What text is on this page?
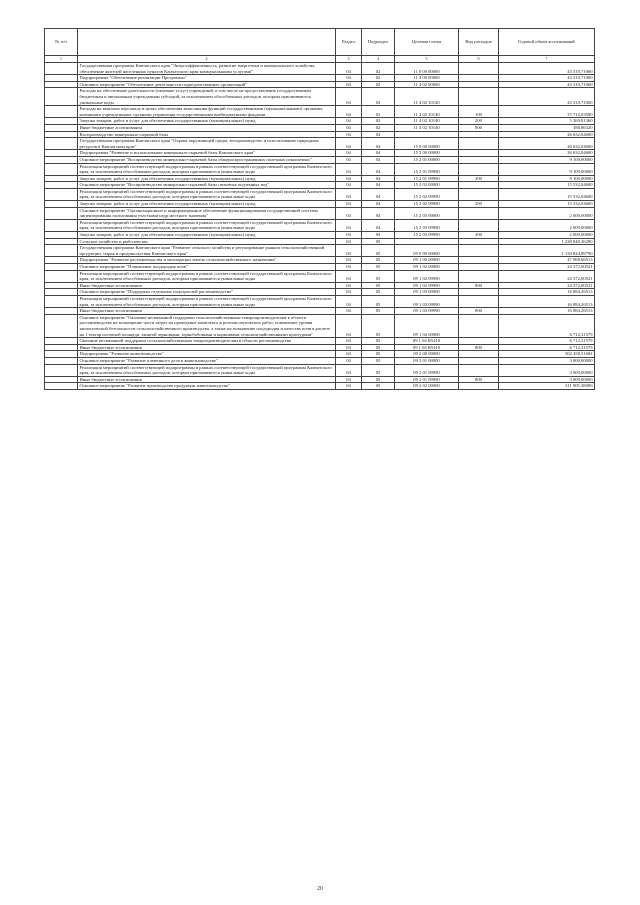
№ п/п		Раздел	Подраздел	Целевая статья	Вид расходов	Годовой объем ассигнований
1	2	3	4	5	6	7
	Государственная программа Камчатского края "Энергоэффективность, развитие энергетики и коммунального хозяйства, обеспечение жителей населенных пунктов Камчатского края коммунальными услугами"	04	02	11 0 00 00000		43 310,71060
	Подпрограмма "Обеспечение реализации Программы"	04	02	11 4 00 00000		43 310,71060
	Основное мероприятие "Обеспечение деятельности подведомственных организаций"	04	02	11 4 02 00000		43 310,71060
	Расходы на обеспечение деятельности (оказание услуг) учреждений, в том числе на предоставление государственным бюджетным и автономным учреждениям субсидий, за исключением обособленных расходов, которым присваиваются уникальные коды	04	02	11 4 02 10140		43 310,71060
	Расходы на выплаты персоналу в целях обеспечения выполнения функций государственными (муниципальными) органами, казенными учреждениями, органами управления государственными внебюджетными фондами	04	02	11 4 02 10140	100	37 712,03580
	Закупка товаров, работ и услуг для обеспечения государственных (муниципальных) нужд	04	02	11 4 02 10140	200	5 369,81360
	Иные бюджетные ассигнования	04	02	11 4 02 10140	800	188,86320
	Воспроизводство минерально-сырьевой базы	04	04			26 632,04600
	Государственная программа Камчатского края "Охрана окружающей среды, воспроизводство и использование природных ресурсов в Камчатском крае"	04	04	15 0 00 00000		26 632,04600
	Подпрограмма "Развитие и использование минерально-сырьевой базы Камчатского края"	04	04	15 2 00 00000		26 632,04600
	Основное мероприятие "Воспроизводство минерально-сырьевой базы общераспространенных полезных ископаемых"	04	04	15 2 01 00000		9 100,00000
	Реализация мероприятий соответствующей подпрограммы в рамках соответствующей государственной программы Камчатского края, за исключением обособленных расходов, которым присваиваются уникальные коды	04	04	15 2 01 09990		9 100,00000
	Закупка товаров, работ и услуг для обеспечения государственных (муниципальных) нужд	04	04	15 2 01 09990	200	9 100,00000
	Основное мероприятие "Воспроизводство минерально-сырьевой базы питьевых подземных вод"	04	04	15 2 02 00000		15 532,04600
	Реализация мероприятий соответствующей подпрограммы в рамках соответствующей государственной программы Камчатского края, за исключением обособленных расходов, которым присваиваются уникальные коды	04	04	15 2 02 09990		15 532,04600
	Закупка товаров, работ и услуг для обеспечения государственных (муниципальных) нужд	04	04	15 2 02 09990	200	15 532,04600
	Основное мероприятие "Организационное и информационное обеспечение функционирования государственной системы лицензирования пользования участками недр местного значения"	04	04	15 2 03 00000		2 000,00000
	Реализация мероприятий соответствующей подпрограммы в рамках соответствующей государственной программы Камчатского края, за исключением обособленных расходов, которым присваиваются уникальные коды	04	04	15 2 03 09990		2 000,00000
	Закупка товаров, работ и услуг для обеспечения государственных (муниципальных) нужд	04	04	15 2 03 09990	200	2 000,00000
	Сельское хозяйство и рыболовство	04	05			1 228 840,36290
	Государственная программа Камчатского края "Развитие сельского хозяйства и регулирование рынков сельскохозяйственной продукции, сырья и продовольствия Камчатского края"	04	05	09 0 00 00000		1 150 844,89790
	Подпрограмма "Развитие растениеводства и мелиорации земель сельскохозяйственного назначения"	04	05	09 1 00 00000		47 968,66513
	Основное мероприятие "Повышение плодородия почв"	04	05	09 1 02 00000		24 372,00521
	Реализация мероприятий соответствующей подпрограммы в рамках соответствующей государственной программы Камчатского края, за исключением обособленных расходов, которым присваиваются уникальные коды	04	05	09 1 02 09990		24 372,00521
	Иные бюджетные ассигнования	04	05	09 1 02 09990	800	24 372,00521
	Основное мероприятие "Поддержка отдельных подотраслей растениеводства"	04	05	09 1 03 00000		16 884,26513
	Реализация мероприятий соответствующей подпрограммы в рамках соответствующей государственной программы Камчатского края, за исключением обособленных расходов, которым присваиваются уникальные коды	04	05	09 1 03 09990		16 884,26513
	Иные бюджетные ассигнования	04	05	09 1 03 09990	800	16 884,26513
	Основное мероприятие "Оказание несвязанной поддержки сельскохозяйственным товаропроизводителям в области растениеводства на возмещение части затрат на проведение комплекса агротехнологических работ, повышение уровня экологической безопасности сельскохозяйственного производства, а также на повышение плодородия и качества почв в расчете на 1 гектар посевной площади, занятой зерновыми, зернобобовыми и кормовыми сельскохозяйственными культурами"	04	05	09 1 04 00000		6 712,31579
	Оказание несвязанной поддержки сельскохозяйственным товаропроизводителям в области растениеводства	04	05	09 1 04 R5410		6 712,31579
	Иные бюджетные ассигнования	04	05	09 1 04 R5410	800	6 712,31579
	Подпрограмма "Развитие животноводства"	04	05	09 2 00 00000		502 458,51684
	Основное мероприятие "Развитие племенного дела в животноводстве"	04	05	09 2 01 00000		3 000,00000
	Реализация мероприятий соответствующей подпрограммы в рамках соответствующей государственной программы Камчатского края, за исключением обособленных расходов, которым присваиваются уникальные коды	04	05	09 2 01 09990		3 000,00000
	Иные бюджетные ассигнования	04	05	09 2 01 09990	800	3 000,00000
	Основное мероприятие "Развитие производства продукции животноводства"	04	05	09 2 02 00000		311 905,38000
20
